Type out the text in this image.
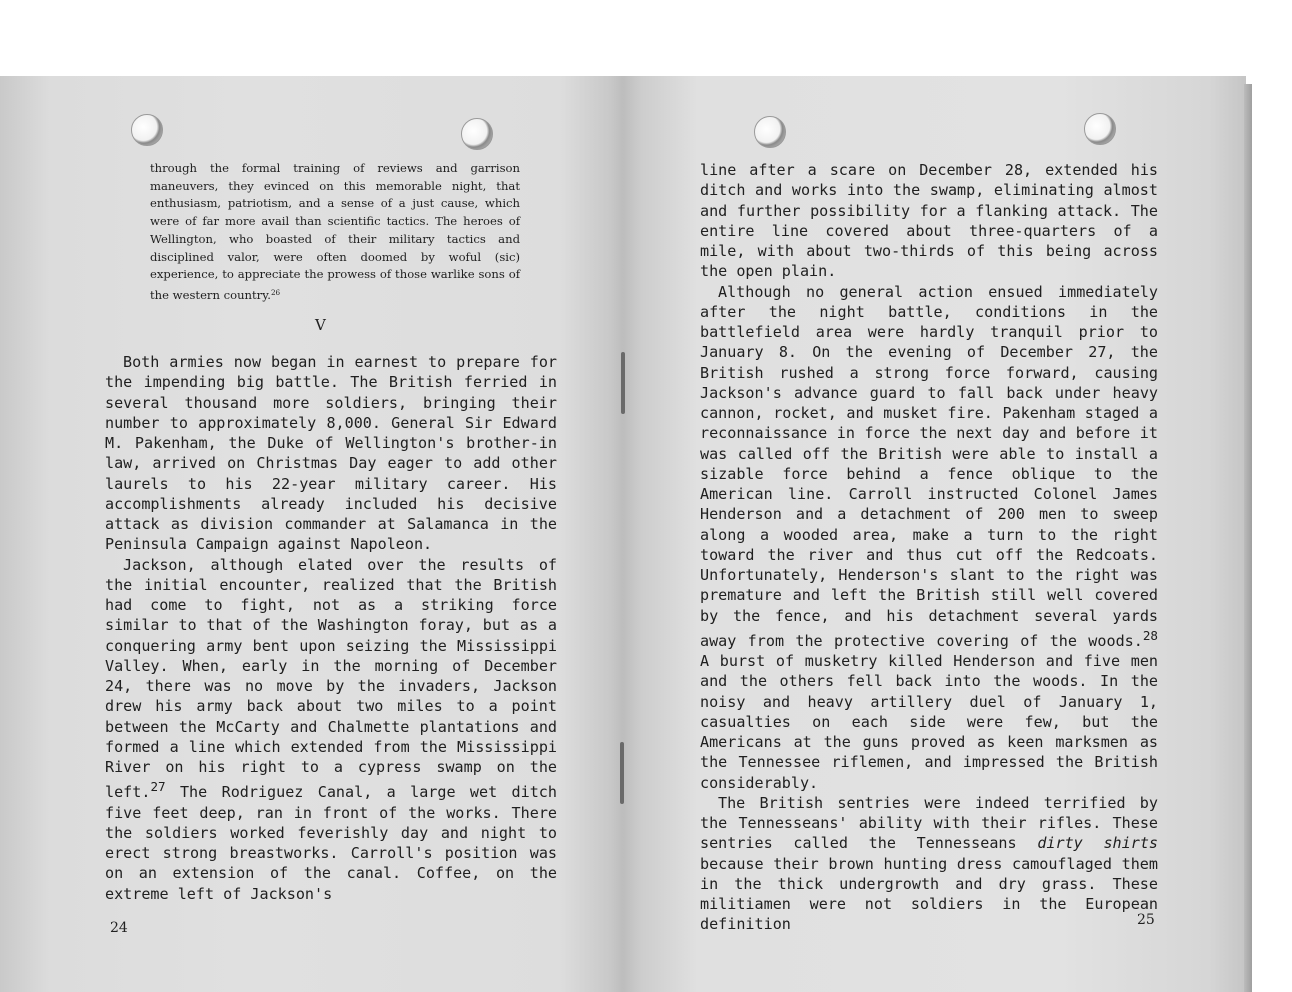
through the formal training of reviews and garrison maneuvers, they evinced on this memorable night, that enthusiasm, patriotism, and a sense of a just cause, which were of far more avail than scientific tactics. The heroes of Wellington, who boasted of their military tactics and disciplined valor, were often doomed by woful (sic) experience, to appreciate the prowess of those warlike sons of the western country.$^{26}$
V

Both armies now began in earnest to prepare for the impending big battle. The British ferried in several thousand more soldiers, bringing their number to approximately 8,000. General Sir Edward M. Pakenham, the Duke of Wellington's brother-in law, arrived on Christmas Day eager to add other laurels to his 22-year military career. His accomplishments already included his decisive attack as division commander at Salamanca in the Peninsula Campaign against Napoleon.

Jackson, although elated over the results of the initial encounter, realized that the British had come to fight, not as a striking force similar to that of the Washington foray, but as a conquering army bent upon seizing the Mississippi Valley. When, early in the morning of December 24, there was no move by the invaders, Jackson drew his army back about two miles to a point between the McCarty and Chalmette plantations and formed a line which extended from the Mississippi River on his right to a cypress swamp on the left.$^{27}$ The Rodriguez Canal, a large wet ditch five feet deep, ran in front of the works. There the soldiers worked feverishly day and night to erect strong breastworks. Carroll's position was on an extension of the canal. Coffee, on the extreme left of Jackson's

24

line after a scare on December 28, extended his ditch and works into the swamp, eliminating almost and further possibility for a flanking attack. The entire line covered about three-quarters of a mile, with about two-thirds of this being across the open plain.

Although no general action ensued immediately after the night battle, conditions in the battlefield area were hardly tranquil prior to January 8. On the evening of December 27, the British rushed a strong force forward, causing Jackson's advance guard to fall back under heavy cannon, rocket, and musket fire. Pakenham staged a reconnaissance in force the next day and before it was called off the British were able to install a sizable force behind a fence oblique to the American line. Carroll instructed Colonel James Henderson and a detachment of 200 men to sweep along a wooded area, make a turn to the right toward the river and thus cut off the Redcoats. Unfortunately, Henderson's slant to the right was premature and left the British still well covered by the fence, and his detachment several yards away from the protective covering of the woods.$^{28}$ A burst of musketry killed Henderson and five men and the others fell back into the woods. In the noisy and heavy artillery duel of January 1, casualties on each side were few, but the Americans at the guns proved as keen marksmen as the Tennessee riflemen, and impressed the British considerably.

The British sentries were indeed terrified by the Tennesseans' ability with their rifles. These sentries called the Tennesseans dirty shirts because their brown hunting dress camouflaged them in the thick undergrowth and dry grass. These militiamen were not soldiers in the European definition	25
